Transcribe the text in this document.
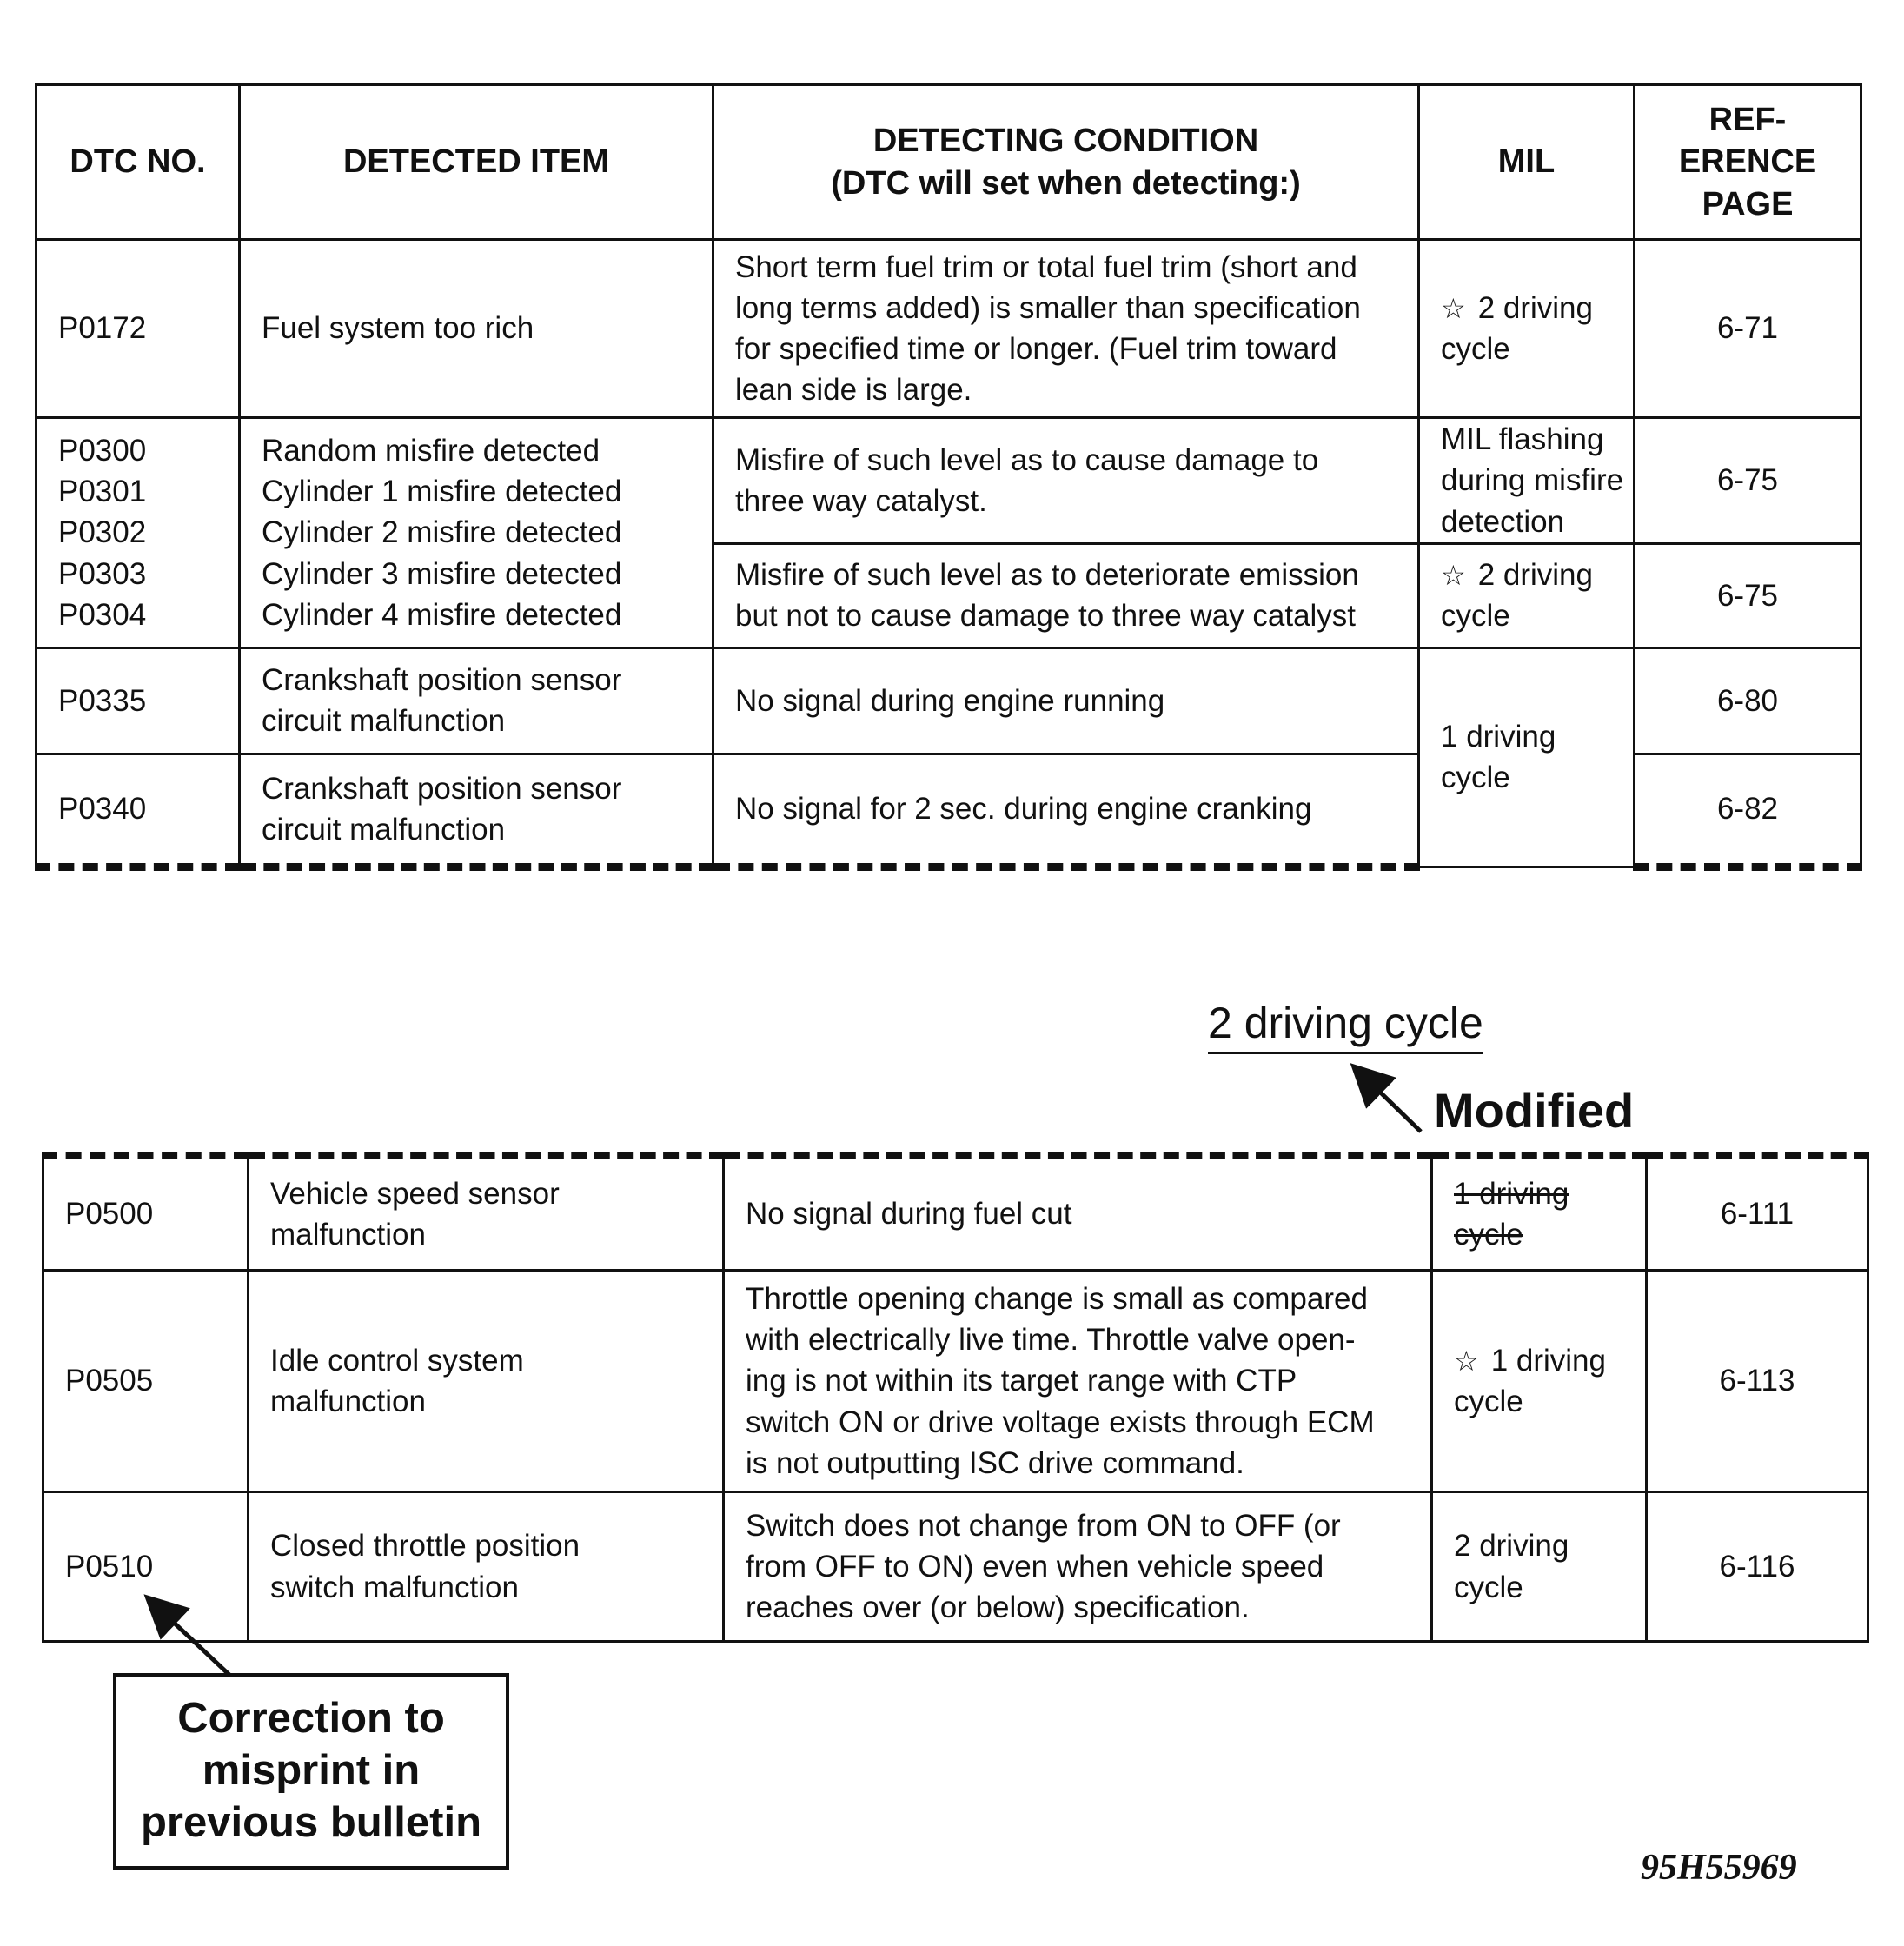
DTC NO.	DETECTED ITEM	DETECTING CONDITION
(DTC will set when detecting:)	MIL	REF-
ERENCE
PAGE

P0172	Fuel system too rich	Short term fuel trim or total fuel trim (short and
long terms added) is smaller than specification
for specified time or longer. (Fuel trim toward
lean side is large.	☆ 2 driving
cycle	6-71

P0300
P0301
P0302
P0303
P0304	Random misfire detected
Cylinder 1 misfire detected
Cylinder 2 misfire detected
Cylinder 3 misfire detected
Cylinder 4 misfire detected	Misfire of such level as to cause damage to
three way catalyst.	MIL flashing
during misfire
detection	6-75

		Misfire of such level as to deteriorate emission
but not to cause damage to three way catalyst	☆ 2 driving
cycle	6-75
P0335	Crankshaft position sensor
circuit malfunction	No signal during engine running	1 driving
cycle	6-80
P0340	Crankshaft position sensor
circuit malfunction	No signal for 2 sec. during engine cranking		6-82
2 driving cycle
Modified
P0500	Vehicle speed sensor
malfunction	No signal during fuel cut	1 driving
cycle	6-111
P0505	Idle control system
malfunction	Throttle opening change is small as compared
with electrically live time. Throttle valve open-
ing is not within its target range with CTP
switch ON or drive voltage exists through ECM
is not outputting ISC drive command.	☆ 1 driving
cycle	6-113
P0510	Closed throttle position
switch malfunction	Switch does not change from ON to OFF (or
from OFF to ON) even when vehicle speed
reaches over (or below) specification.	2 driving
cycle	6-116
Correction to
misprint in
previous bulletin
95H55969
